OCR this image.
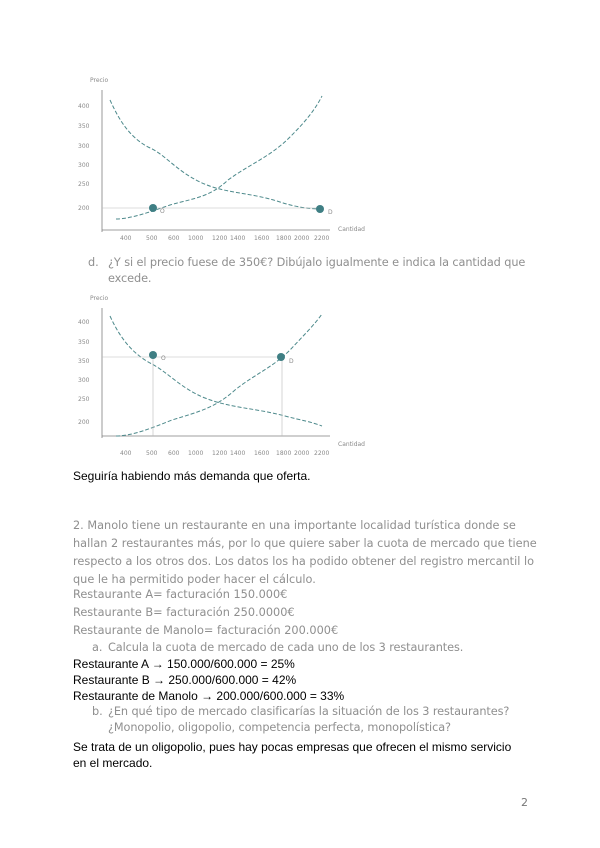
Precio
400
350
300
300
250
200
400 500 600 1000 1200 1400 1600 1800 2000 2200
Cantidad
O	D
d. ¿Y si el precio fuese de 350€? Dibújalo igualmente e indica la cantidad que
excede.
Precio
400
350
350
300
250
200
400 500 600 1000 1200 1400 1600 1800 2000 2200
Cantidad
O	D
Seguiría habiendo más demanda que oferta.
2. Manolo tiene un restaurante en una importante localidad turística donde se
hallan 2 restaurantes más, por lo que quiere saber la cuota de mercado que tiene
respecto a los otros dos. Los datos los ha podido obtener del registro mercantil lo
que le ha permitido poder hacer el cálculo.
Restaurante A= facturación 150.000€
Restaurante B= facturación 250.0000€
Restaurante de Manolo= facturación 200.000€
a. Calcula la cuota de mercado de cada uno de los 3 restaurantes.
Restaurante A → 150.000/600.000 = 25%
Restaurante B → 250.000/600.000 = 42%
Restaurante de Manolo → 200.000/600.000 = 33%
b. ¿En qué tipo de mercado clasificarías la situación de los 3 restaurantes?
¿Monopolio, oligopolio, competencia perfecta, monopolística?
Se trata de un oligopolio, pues hay pocas empresas que ofrecen el mismo servicio
en el mercado.
2
